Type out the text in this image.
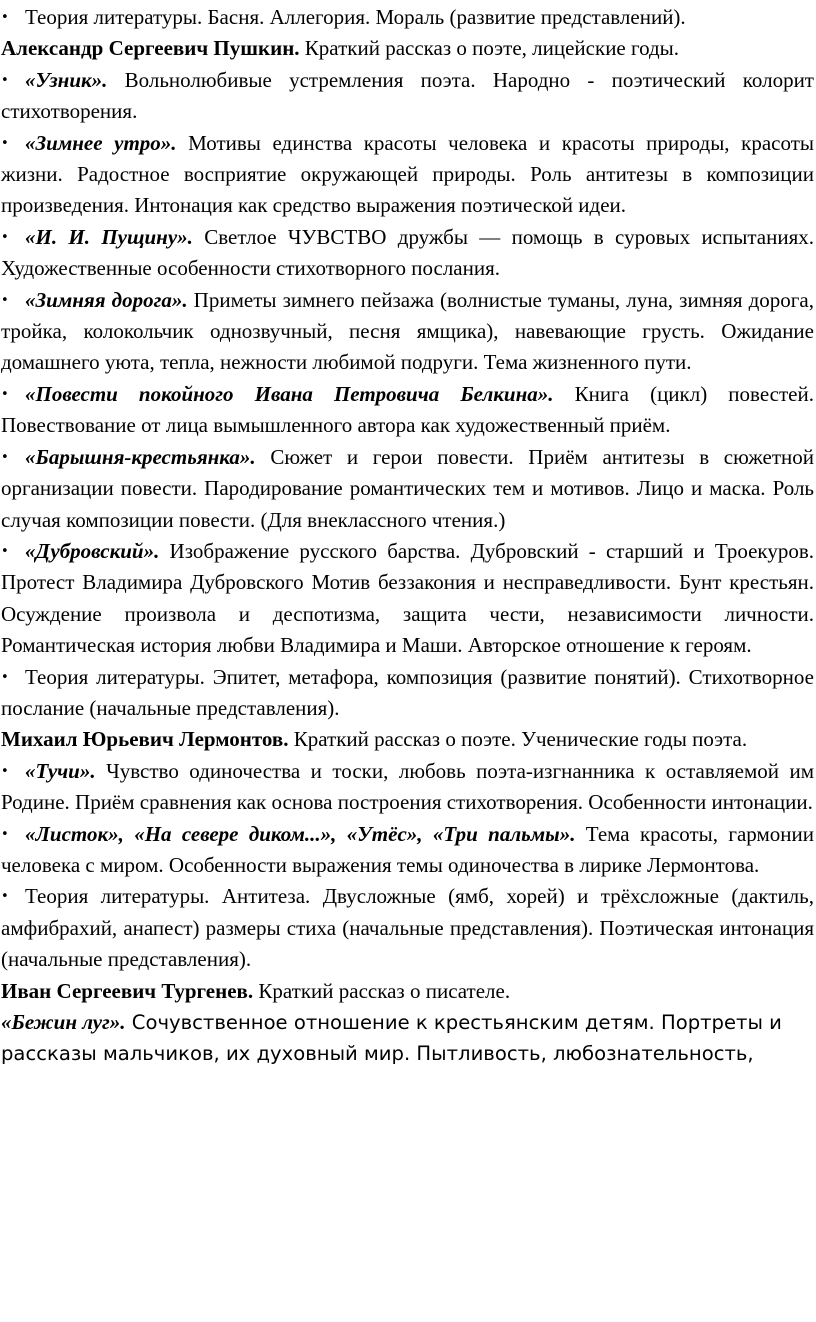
• Теория литературы. Басня. Аллегория. Мораль (развитие представлений).

Александр Сергеевич Пушкин. Краткий рассказ о поэте, лицейские годы.

• «Узник». Вольнолюбивые устремления поэта. Народно - поэтический колорит стихотворения.

• «Зимнее утро». Мотивы единства красоты человека и красоты природы, красоты жизни. Радостное восприятие окружающей природы. Роль антитезы в композиции произведения. Интонация как средство выражения поэтической идеи.

• «И. И. Пущину». Светлое ЧУВСТВО дружбы — помощь в суровых испытаниях. Художественные особенности стихотворного послания.

• «Зимняя дорога». Приметы зимнего пейзажа (волнистые туманы, луна, зимняя дорога, тройка, колокольчик однозвучный, песня ямщика), навевающие грусть. Ожидание домашнего уюта, тепла, нежности любимой подруги. Тема жизненного пути.

• «Повести покойного Ивана Петровича Белкина». Книга (цикл) повестей. Повествование от лица вымышленного автора как художественный приём.

• «Барышня-крестьянка». Сюжет и герои повести. Приём антитезы в сюжетной организации повести. Пародирование романтических тем и мотивов. Лицо и маска. Роль случая композиции повести. (Для внеклассного чтения.)

• «Дубровский». Изображение русского барства. Дубровский - старший и Троекуров. Протест Владимира Дубровского Мотив беззакония и несправедливости. Бунт крестьян. Осуждение произвола и деспотизма, защита чести, независимости личности. Романтическая история любви Владимира и Маши. Авторское отношение к героям.

• Теория литературы. Эпитет, метафора, композиция (развитие понятий). Стихотворное послание (начальные представления).

Михаил Юрьевич Лермонтов. Краткий рассказ о поэте. Ученические годы поэта.

• «Тучи». Чувство одиночества и тоски, любовь поэта-изгнанника к оставляемой им Родине. Приём сравнения как основа построения стихотворения. Особенности интонации.

• «Листок», «На севере диком...», «Утёс», «Три пальмы». Тема красоты, гармонии человека с миром. Особенности выражения темы одиночества в лирике Лермонтова.

• Теория литературы. Антитеза. Двусложные (ямб, хорей) и трёхсложные (дактиль, амфибрахий, анапест) размеры стиха (начальные представления). Поэтическая интонация (начальные представления).

Иван Сергеевич Тургенев. Краткий рассказ о писателе.

«Бежин луг». Сочувственное отношение к крестьянским детям. Портреты и рассказы мальчиков, их духовный мир. Пытливость, любознательность,
